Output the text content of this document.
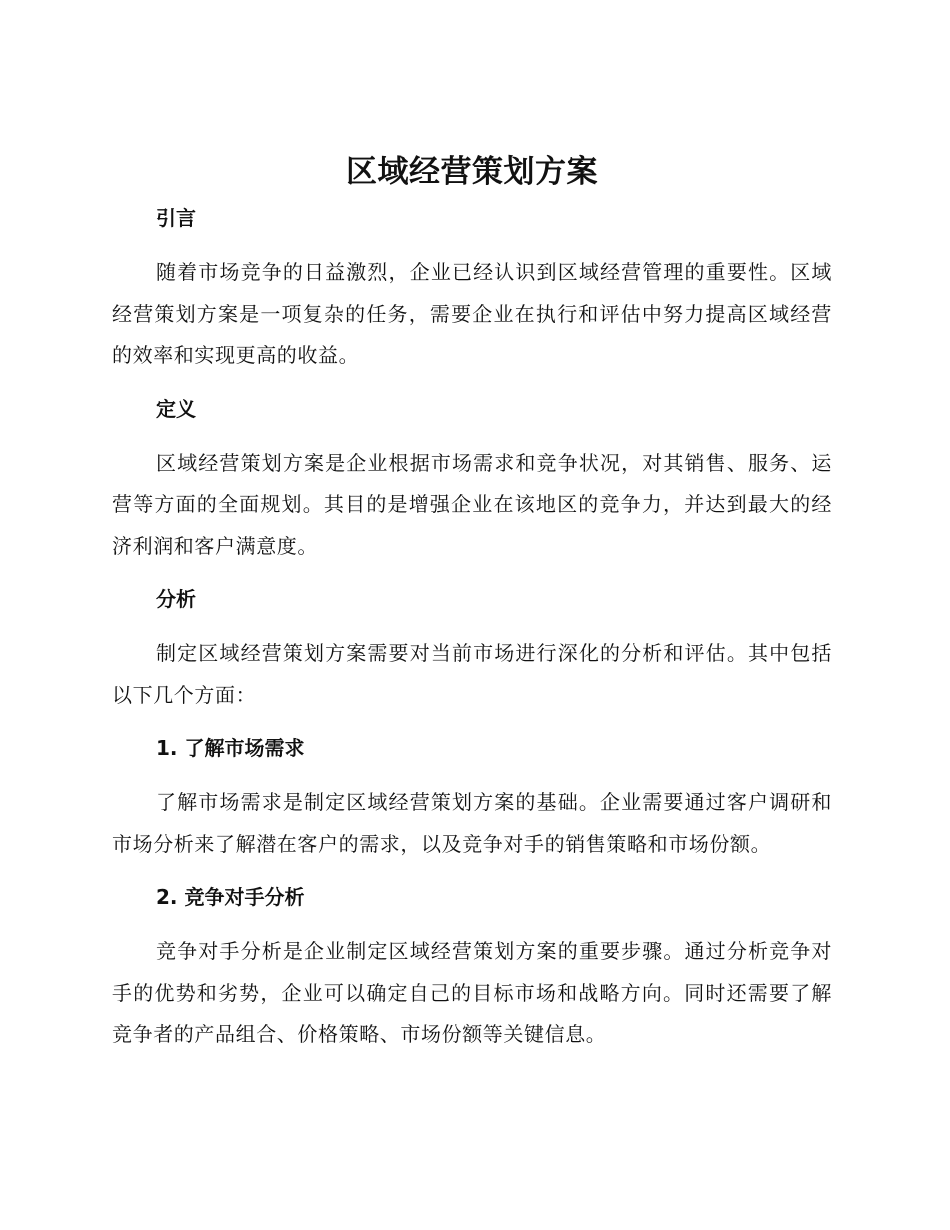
区域经营策划方案
引言

随着市场竞争的日益激烈，企业已经认识到区域经营管理的重要性。区域经营策划方案是一项复杂的任务，需要企业在执行和评估中努力提高区域经营的效率和实现更高的收益。

定义

区域经营策划方案是企业根据市场需求和竞争状况，对其销售、服务、运营等方面的全面规划。其目的是增强企业在该地区的竞争力，并达到最大的经济利润和客户满意度。

分析

制定区域经营策划方案需要对当前市场进行深化的分析和评估。其中包括以下几个方面：

1. 了解市场需求

了解市场需求是制定区域经营策划方案的基础。企业需要通过客户调研和市场分析来了解潜在客户的需求，以及竞争对手的销售策略和市场份额。

2. 竞争对手分析

竞争对手分析是企业制定区域经营策划方案的重要步骤。通过分析竞争对手的优势和劣势，企业可以确定自己的目标市场和战略方向。同时还需要了解竞争者的产品组合、价格策略、市场份额等关键信息。
